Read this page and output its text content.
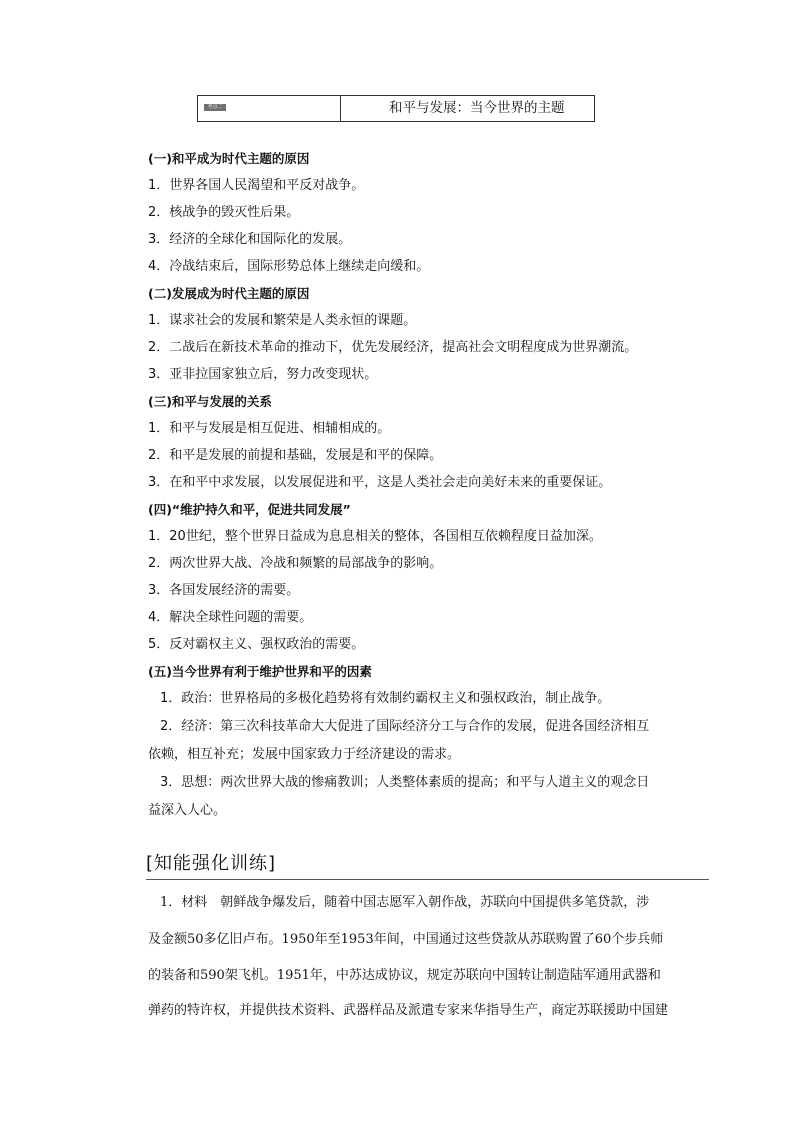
考点二	和平与发展：当今世界的主题
(一)和平成为时代主题的原因
1．世界各国人民渴望和平反对战争。
2．核战争的毁灭性后果。
3．经济的全球化和国际化的发展。
4．冷战结束后，国际形势总体上继续走向缓和。
(二)发展成为时代主题的原因
1．谋求社会的发展和繁荣是人类永恒的课题。
2．二战后在新技术革命的推动下，优先发展经济，提高社会文明程度成为世界潮流。
3．亚非拉国家独立后，努力改变现状。
(三)和平与发展的关系
1．和平与发展是相互促进、相辅相成的。
2．和平是发展的前提和基础，发展是和平的保障。
3．在和平中求发展，以发展促进和平，这是人类社会走向美好未来的重要保证。
(四)“维护持久和平，促进共同发展”
1．20世纪，整个世界日益成为息息相关的整体，各国相互依赖程度日益加深。
2．两次世界大战、冷战和频繁的局部战争的影响。
3．各国发展经济的需要。
4．解决全球性问题的需要。
5．反对霸权主义、强权政治的需要。
(五)当今世界有利于维护世界和平的因素
1．政治：世界格局的多极化趋势将有效制约霸权主义和强权政治，制止战争。
2．经济：第三次科技革命大大促进了国际经济分工与合作的发展，促进各国经济相互
依赖，相互补充；发展中国家致力于经济建设的需求。
3．思想：两次世界大战的惨痛教训；人类整体素质的提高；和平与人道主义的观念日
益深入人心。
[知能强化训练]
1．材料　朝鲜战争爆发后，随着中国志愿军入朝作战，苏联向中国提供多笔贷款，涉
及金额50多亿旧卢布。1950年至1953年间，中国通过这些贷款从苏联购置了60个步兵师
的装备和590架飞机。1951年，中苏达成协议，规定苏联向中国转让制造陆军通用武器和
弹药的特许权，并提供技术资料、武器样品及派遣专家来华指导生产，商定苏联援助中国建
